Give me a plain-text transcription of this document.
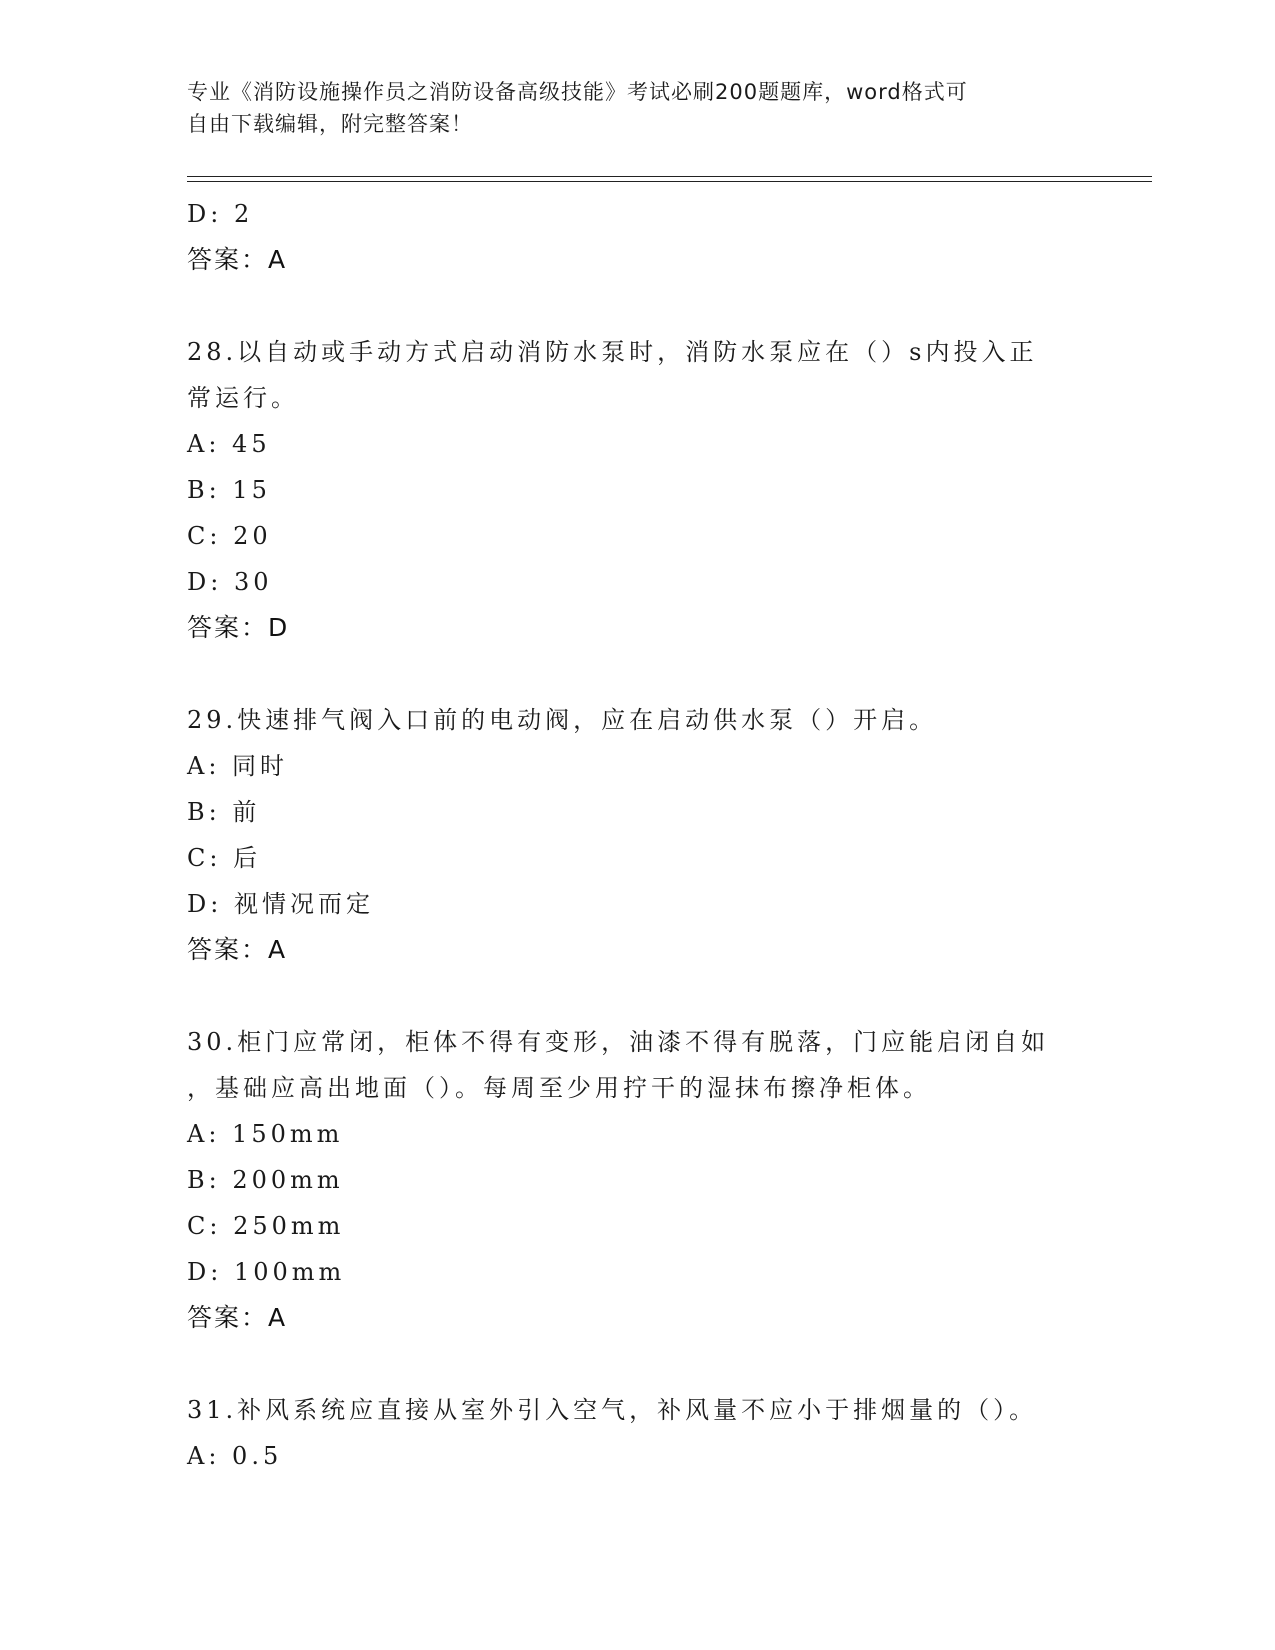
专业《消防设施操作员之消防设备高级技能》考试必刷200题题库，word格式可
自由下载编辑，附完整答案！
D: 2
答案：A
28.以自动或手动方式启动消防水泵时，消防水泵应在（）s内投入正
常运行。
A: 45
B: 15
C: 20
D: 30
答案：D
29.快速排气阀入口前的电动阀，应在启动供水泵（）开启。
A: 同时
B: 前
C: 后
D: 视情况而定
答案：A
30.柜门应常闭，柜体不得有变形，油漆不得有脱落，门应能启闭自如
，基础应高出地面（）。每周至少用拧干的湿抹布擦净柜体。
A: 150mm
B: 200mm
C: 250mm
D: 100mm
答案：A
31.补风系统应直接从室外引入空气，补风量不应小于排烟量的（）。
A: 0.5
